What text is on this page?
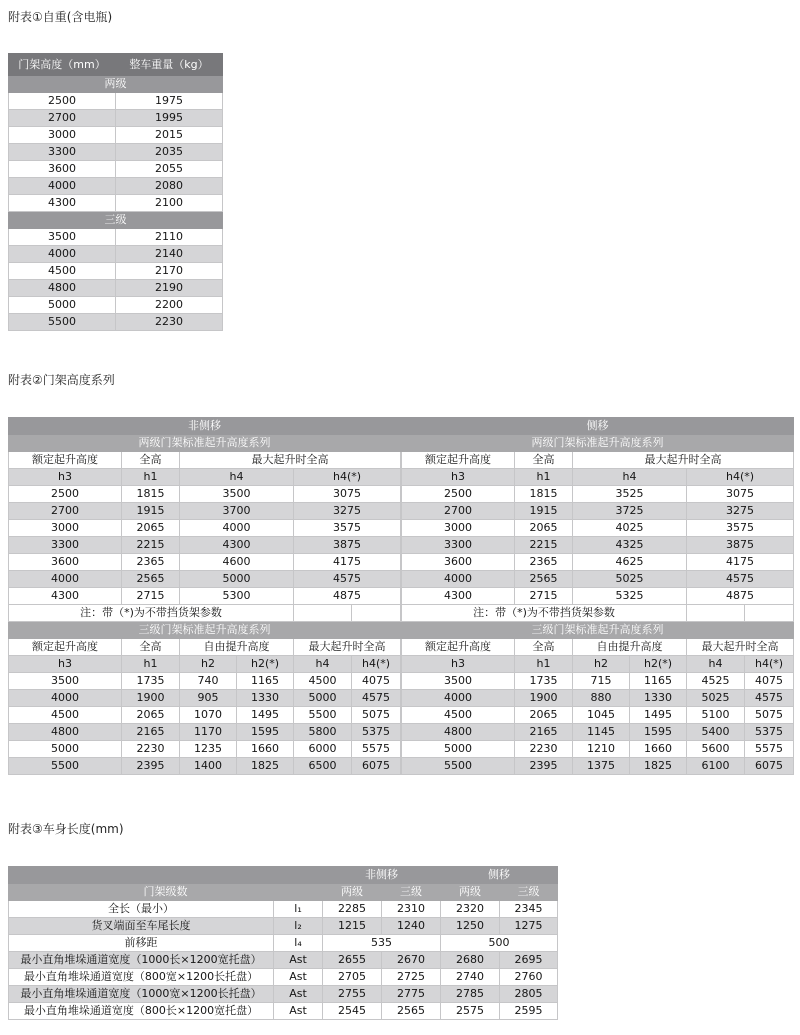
附表①自重(含电瓶)
门架高度（mm）	整车重量（kg）
两级	
2500	1975
2700	1995
3000	2015
3300	2035
3600	2055
4000	2080
4300	2100
三级	
3500	2110
4000	2140
4500	2170
4800	2190
5000	2200
5500	2230
附表②门架高度系列
非侧移					
两级门架标准起升高度系列					
额定起升高度	全高	最大起升时全高			
h3	h1	h4		h4(*)	
2500	1815	3500		3075	
2700	1915	3700		3275	
3000	2065	4000		3575	
3300	2215	4300		3875	
3600	2365	4600		4175	
4000	2565	5000		4575	
4300	2715	5300		4875	
注：带（*)为不带挡货架参数					
三级门架标准起升高度系列					
额定起升高度	全高	自由提升高度		最大起升时全高	
h3	h1	h2	h2(*)	h4	h4(*)
3500	1735	740	1165	4500	4075
4000	1900	905	1330	5000	4575
4500	2065	1070	1495	5500	5075
4800	2165	1170	1595	5800	5375
5000	2230	1235	1660	6000	5575
5500	2395	1400	1825	6500	6075
侧移					
两级门架标准起升高度系列					
额定起升高度	全高	最大起升时全高			
h3	h1	h4		h4(*)	
2500	1815	3525		3075	
2700	1915	3725		3275	
3000	2065	4025		3575	
3300	2215	4325		3875	
3600	2365	4625		4175	
4000	2565	5025		4575	
4300	2715	5325		4875	
注：带（*)为不带挡货架参数					
三级门架标准起升高度系列					
额定起升高度	全高	自由提升高度		最大起升时全高	
h3	h1	h2	h2(*)	h4	h4(*)
3500	1735	715	1165	4525	4075
4000	1900	880	1330	5025	4575
4500	2065	1045	1495	5100	5075
4800	2165	1145	1595	5400	5375
5000	2230	1210	1660	5600	5575
5500	2395	1375	1825	6100	6075
附表③车身长度(mm)
		非侧移		侧移	
门架级数		两级	三级	两级	三级
全长（最小）	l₁	2285	2310	2320	2345
货叉端面至车尾长度	l₂	1215	1240	1250	1275
前移距	l₄	535		500	
最小直角堆垛通道宽度（1000长×1200宽托盘）	Ast	2655	2670	2680	2695
最小直角堆垛通道宽度（800宽×1200长托盘）	Ast	2705	2725	2740	2760
最小直角堆垛通道宽度（1000宽×1200长托盘）	Ast	2755	2775	2785	2805
最小直角堆垛通道宽度（800长×1200宽托盘）	Ast	2545	2565	2575	2595
